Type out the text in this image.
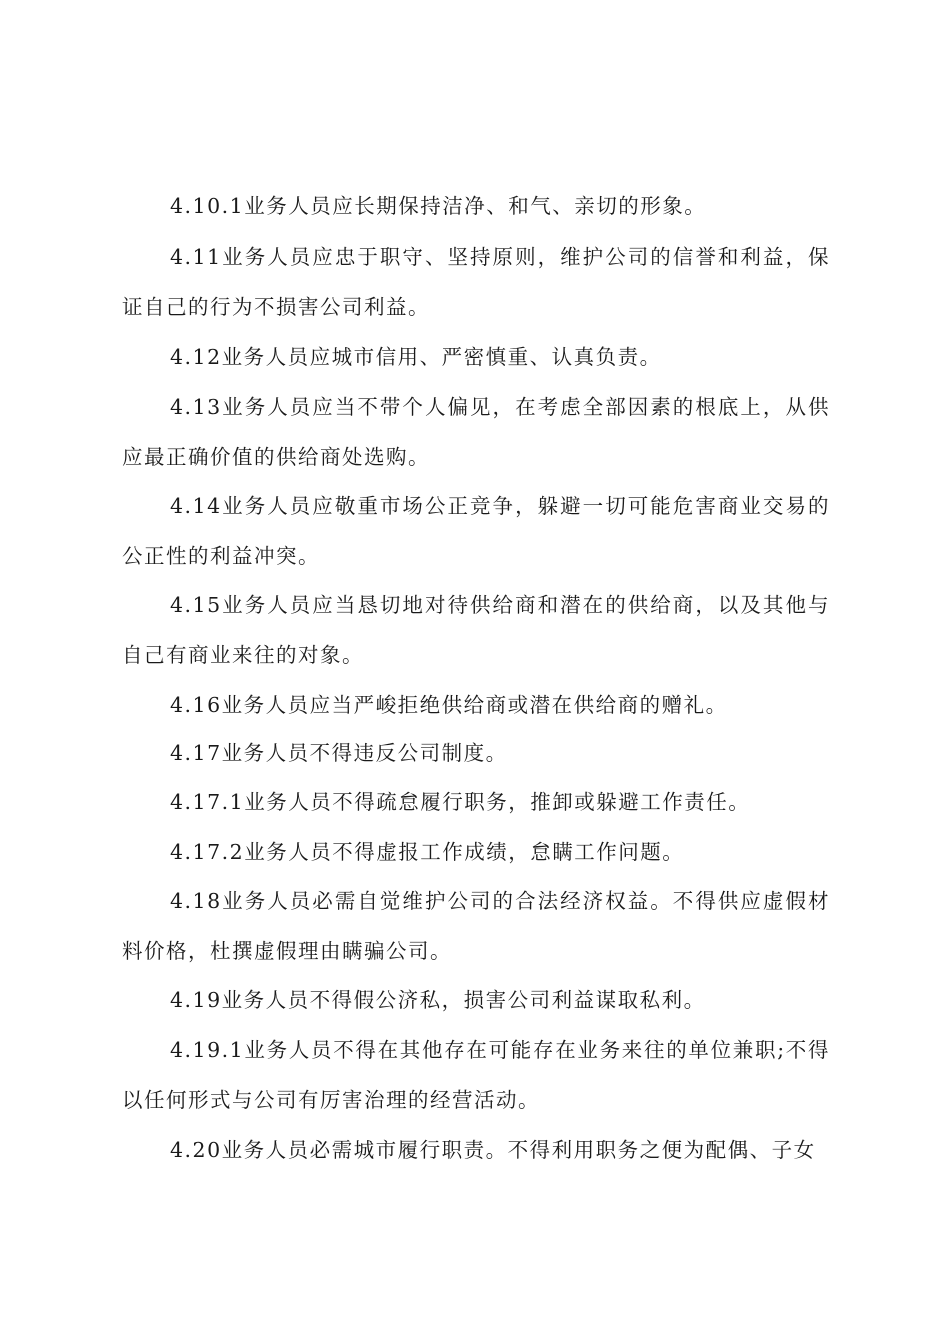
4.10.1业务人员应长期保持洁净、和气、亲切的形象。

4.11业务人员应忠于职守、坚持原则，维护公司的信誉和利益，保证自己的行为不损害公司利益。

4.12业务人员应城市信用、严密慎重、认真负责。

4.13业务人员应当不带个人偏见，在考虑全部因素的根底上，从供应最正确价值的供给商处选购。

4.14业务人员应敬重市场公正竞争，躲避一切可能危害商业交易的公正性的利益冲突。

4.15业务人员应当恳切地对待供给商和潜在的供给商，以及其他与自己有商业来往的对象。

4.16业务人员应当严峻拒绝供给商或潜在供给商的赠礼。

4.17业务人员不得违反公司制度。

4.17.1业务人员不得疏怠履行职务，推卸或躲避工作责任。

4.17.2业务人员不得虚报工作成绩，怠瞒工作问题。

4.18业务人员必需自觉维护公司的合法经济权益。不得供应虚假材料价格，杜撰虚假理由瞒骗公司。

4.19业务人员不得假公济私，损害公司利益谋取私利。

4.19.1业务人员不得在其他存在可能存在业务来往的单位兼职;不得以任何形式与公司有厉害治理的经营活动。

4.20业务人员必需城市履行职责。不得利用职务之便为配偶、子女
